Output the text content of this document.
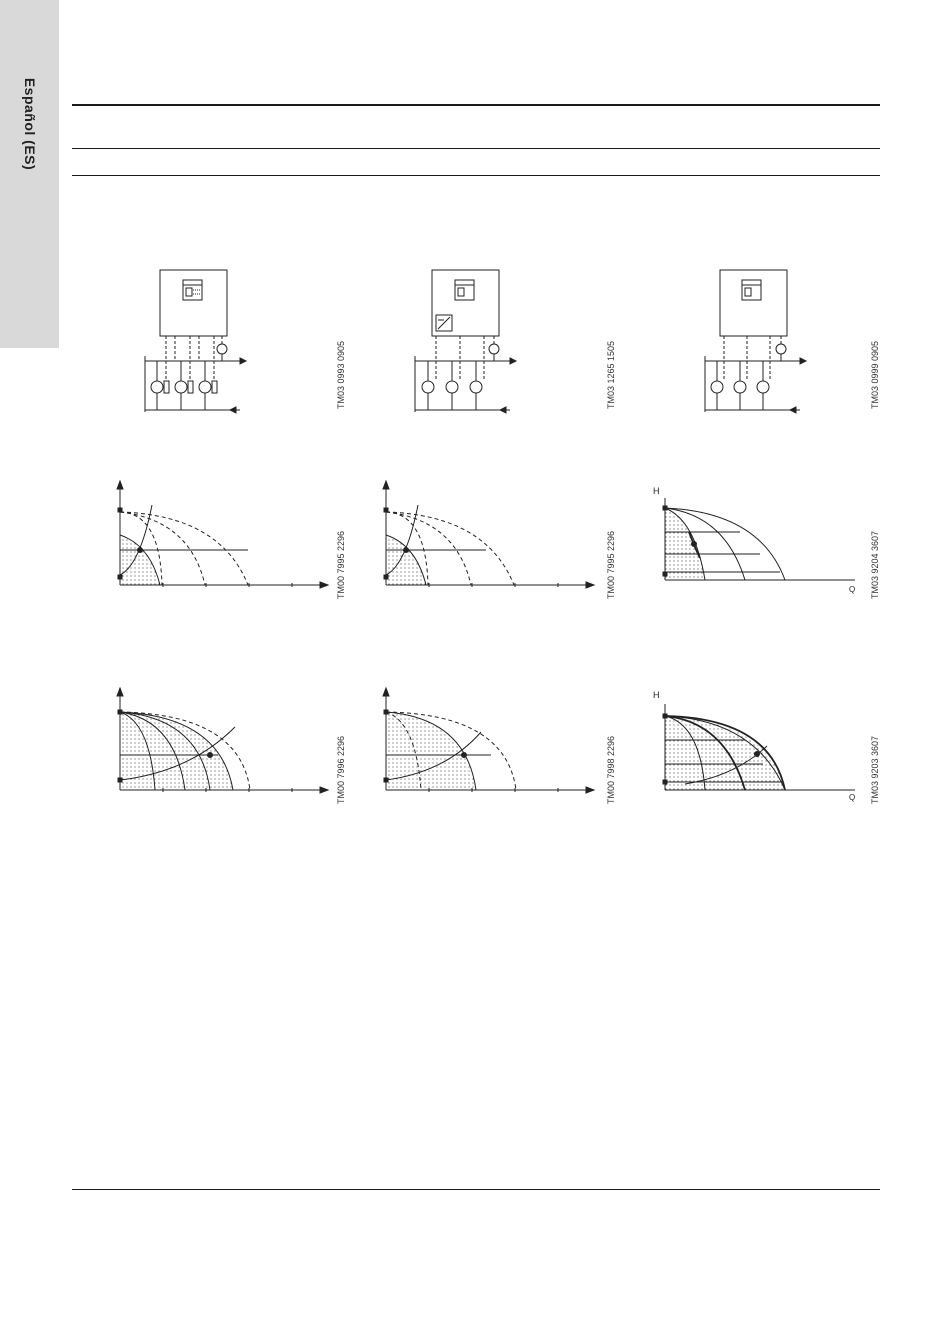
Español (ES)
TM03 0993 0905	TM03 1265 1505	TM03 0999 0905
TM00 7995 2296	TM00 7995 2296
H
Q TM03 9204 3607
TM00 7996 2296	TM00 7998 2296
H
Q TM03 9203 3607
